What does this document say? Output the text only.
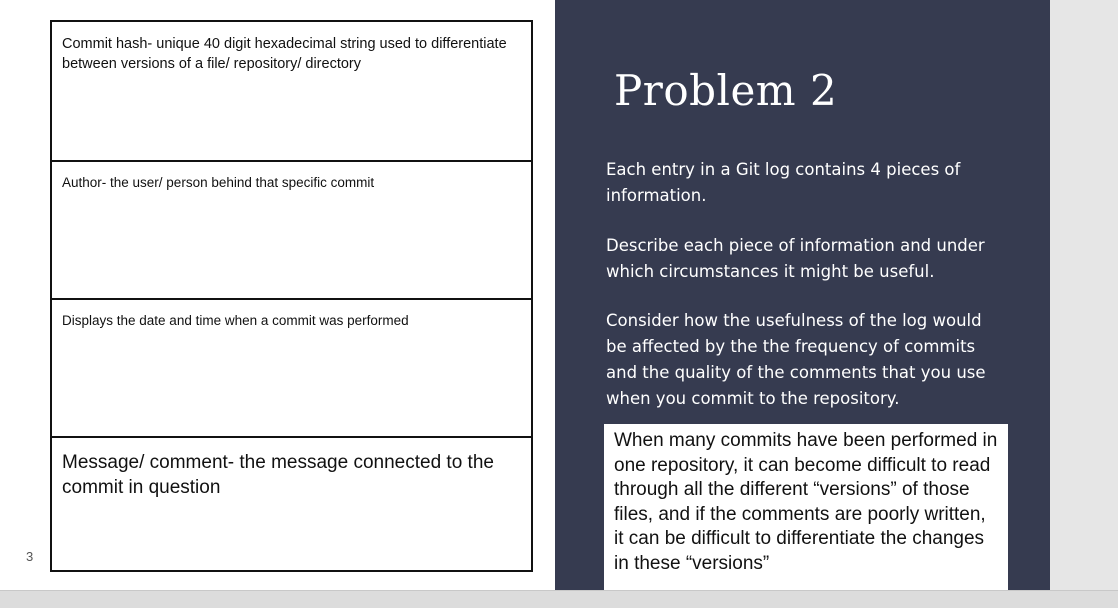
Commit hash- unique 40 digit hexadecimal string used to differentiate between versions of a file/ repository/ directory
Author- the user/ person behind that specific commit
Displays the date and time when a commit was performed
Message/ comment- the message connected to the commit in question
3
Problem 2

Each entry in a Git log contains 4 pieces of information.

Describe each piece of information and under which circumstances it might be useful.

Consider how the usefulness of the log would be affected by the the frequency of commits and the quality of the comments that you use when you commit to the repository.

When many commits have been performed in one repository, it can become difficult to read through all the different “versions” of those files, and if the comments are poorly written, it can be difficult to differentiate the changes in these “versions”
